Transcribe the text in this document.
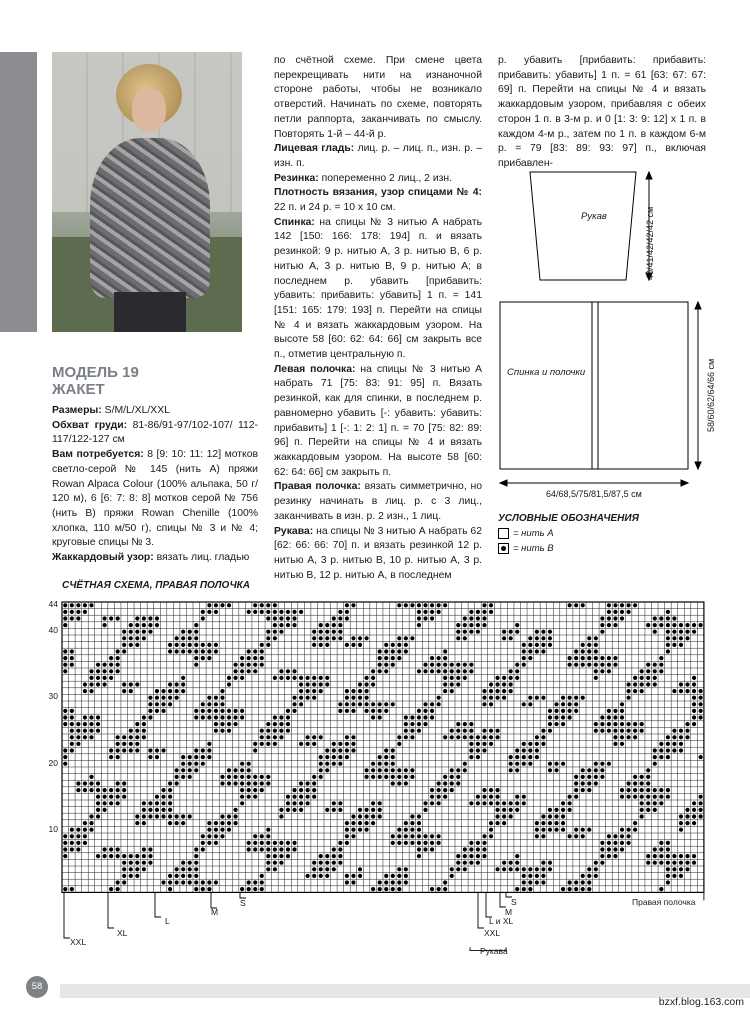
МОДЕЛЬ 19
ЖАКЕТ

Размеры: S/M/L/XL/XXL

Обхват груди: 81-86/91-97/102-107/ 112-117/122-127 см

Вам потребуется: 8 [9: 10: 11: 12] мотков светло-серой № 145 (нить А) пряжи Rowan Alpaca Colour (100% альпака, 50 г/ 120 м), 6 [6: 7: 8: 8] мотков серой № 756 (нить В) пряжи Rowan Chenille (100% хлопка, 110 м/50 г), спицы № 3 и № 4; круговые спицы № 3.

Жаккардовый узор: вязать лиц. гладью

по счётной схеме. При смене цвета перекрещивать нити на изнаночной стороне работы, чтобы не возникало отверстий. Начинать по схеме, повторять петли раппорта, заканчивать по смыслу. Повторять 1-й – 44-й р.

Лицевая гладь: лиц. р. – лиц. п., изн. р. – изн. п.

Резинка: попеременно 2 лиц., 2 изн.

Плотность вязания, узор спицами № 4: 22 п. и 24 р. = 10 х 10 см.

Спинка: на спицы № 3 нитью А набрать 142 [150: 166: 178: 194] п. и вязать резинкой: 9 р. нитью А, 3 р. нитью В, 6 р. нитью А, 3 р. нитью В, 9 р. нитью А; в последнем р. убавить [прибавить: убавить: прибавить: убавить] 1 п. = 141 [151: 165: 179: 193] п. Перейти на спицы № 4 и вязать жаккардовым узором. На высоте 58 [60: 62: 64: 66] см закрыть все п., отметив центральную п.

Левая полочка: на спицы № 3 нитью А набрать 71 [75: 83: 91: 95] п. Вязать резинкой, как для спинки, в последнем р. равномерно убавить [-: убавить: убавить: прибавить] 1 [-: 1: 2: 1] п. = 70 [75: 82: 89: 96] п. Перейти на спицы № 4 и вязать жаккардовым узором. На высоте 58 [60: 62: 64: 66] см закрыть п.

Правая полочка: вязать симметрично, но резинку начинать в лиц. р. с 3 лиц., заканчивать в изн. р. 2 изн., 1 лиц.

Рукава: на спицы № 3 нитью А набрать 62 [62: 66: 66: 70] п. и вязать резинкой 12 р. нитью А, 3 р. нитью В, 10 р. нитью А, 3 р. нитью В, 12 р. нитью А, в последнем

р. убавить [прибавить: прибавить: прибавить: убавить] 1 п. = 61 [63: 67: 67: 69] п. Перейти на спицы № 4 и вязать жаккардовым узором, прибавляя с обеих сторон 1 п. в 3-м р. и 0 [1: 3: 9: 12] х 1 п. в каждом 4-м р., затем по 1 п. в каждом 6-м р. = 79 [83: 89: 93: 97] п., включая прибавлен-

Рукав	40/41/42/42/42 см
Спинка и полочки	58/60/62/64/66 см
64/68,5/75/81,5/87,5 см
УСЛОВНЫЕ ОБОЗНАЧЕНИЯ
= нить А
= нить В
СЧЁТНАЯ СХЕМА, ПРАВАЯ ПОЛОЧКА
44
40
30
20
10
S
M
L
XL
XXL
S
M
L и XL
XXL
Правая полочка
Рукава
58
bzxf.blog.163.com
